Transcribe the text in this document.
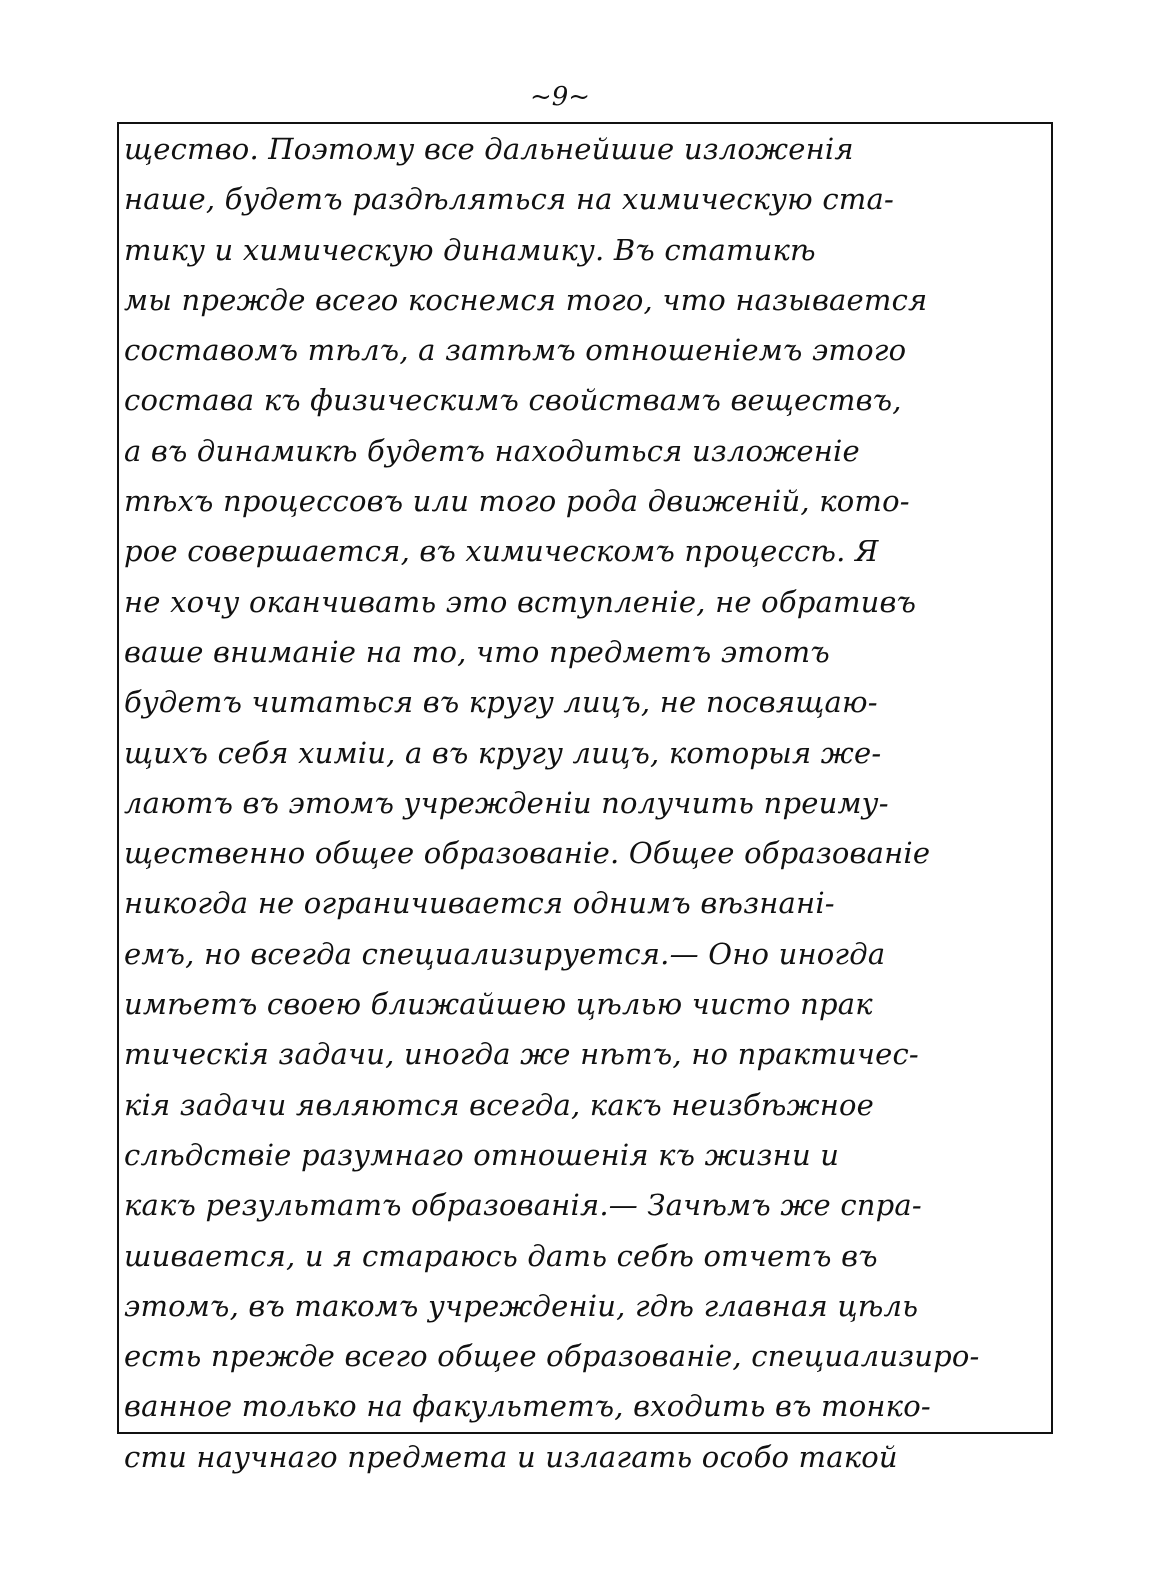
~9~
щество. Поэтому все дальнейшие изложенія
наше, будетъ раздѣляться на химическую ста-
тику и химическую динамику. Въ статикѣ
мы прежде всего коснемся того, что называется
составомъ тѣлъ, а затѣмъ отношеніемъ этого
состава къ физическимъ свойствамъ веществъ,
а въ динамикѣ будетъ находиться изложеніе
тѣхъ процессовъ или того рода движеній, кото-
рое совершается, въ химическомъ процессѣ. Я
не хочу оканчивать это вступленіе, не обративъ
ваше вниманіе на то, что предметъ этотъ
будетъ читаться въ кругу лицъ, не посвящаю-
щихъ себя химіи, а въ кругу лицъ, которыя же-
лаютъ въ этомъ учрежденіи получить преиму-
щественно общее образованіе. Общее образованіе
никогда не ограничивается однимъ вѣзнані-
емъ, но всегда специализируется.— Оно иногда
имѣетъ своею ближайшею цѣлью чисто прак
тическія задачи, иногда же нѣтъ, но практичес-
кія задачи являются всегда, какъ неизбѣжное
слѣдствіе разумнаго отношенія къ жизни и
какъ результатъ образованія.— Зачѣмъ же спра-
шивается, и я стараюсь дать себѣ отчетъ въ
этомъ, въ такомъ учрежденіи, гдѣ главная цѣль
есть прежде всего общее образованіе, специализиро-
ванное только на факультетъ, входить въ тонко-
сти научнаго предмета и излагать особо такой
